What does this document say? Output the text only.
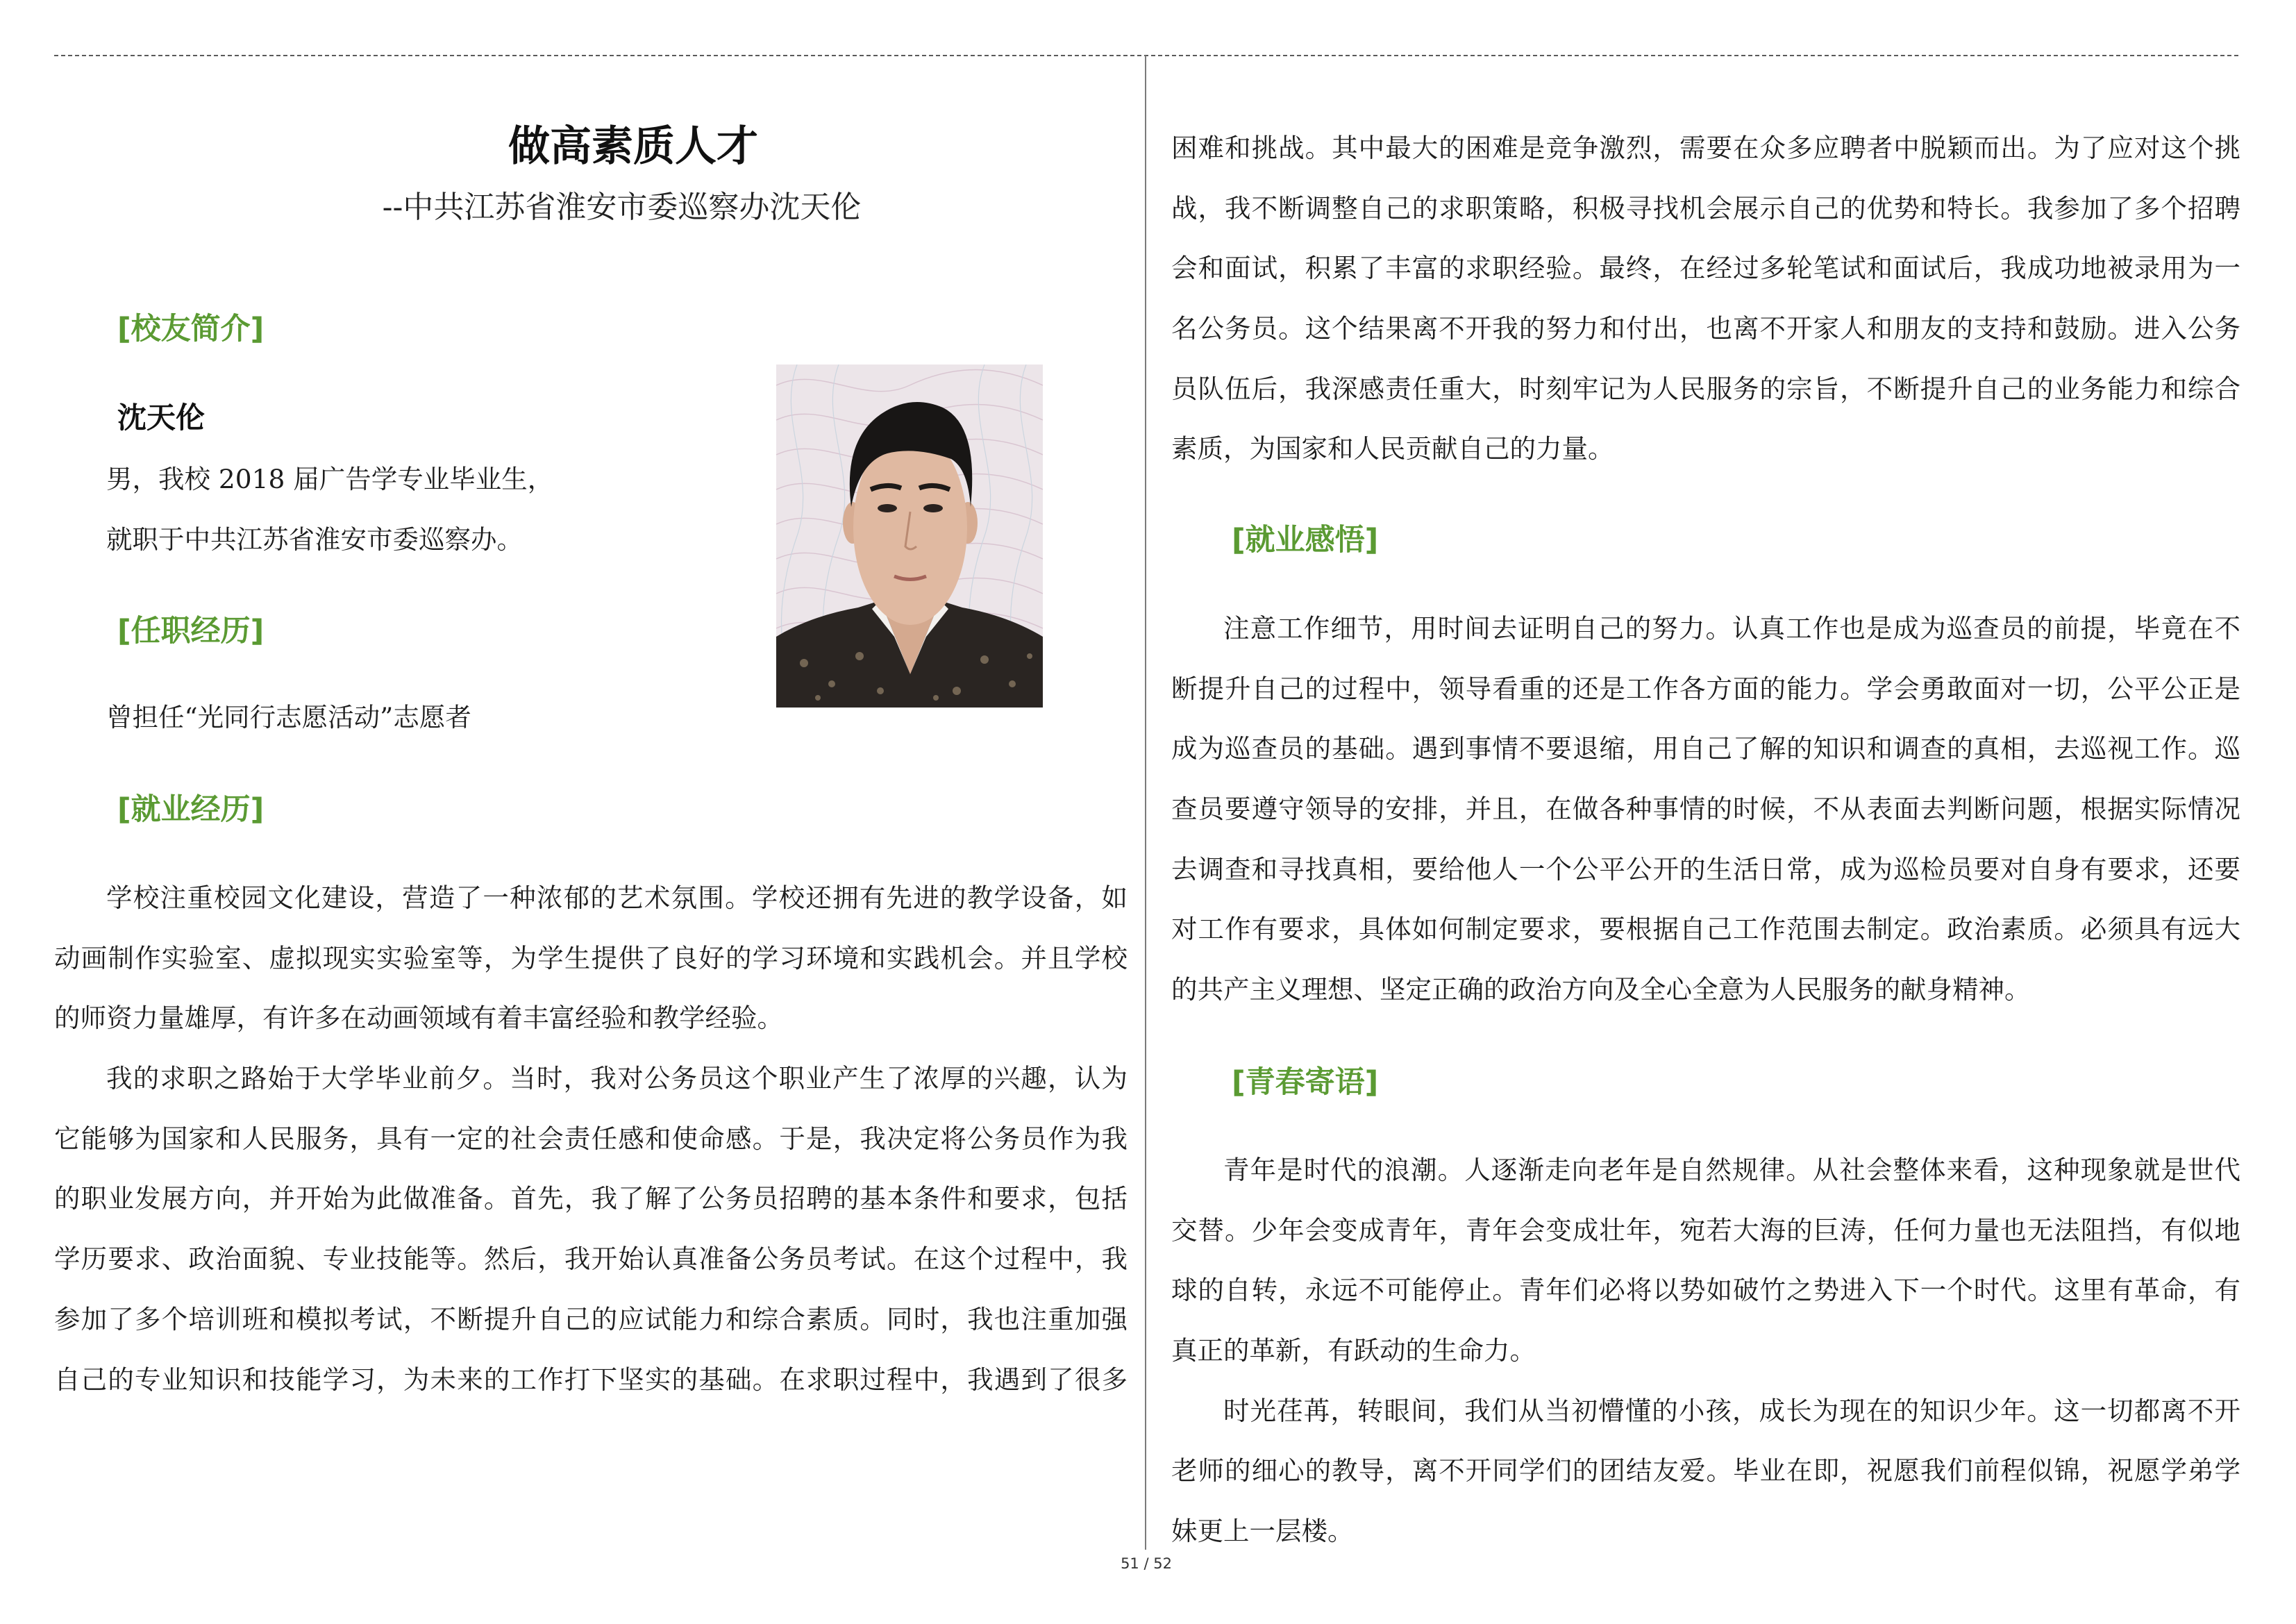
做高素质人才
--中共江苏省淮安市委巡察办沈天伦
[校友简介]
沈天伦
男，我校 2018 届广告学专业毕业生，
就职于中共江苏省淮安市委巡察办。
[任职经历]
曾担任“光同行志愿活动”志愿者
[就业经历]
学校注重校园文化建设，营造了一种浓郁的艺术氛围。学校还拥有先进的教学设备，如
动画制作实验室、虚拟现实实验室等，为学生提供了良好的学习环境和实践机会。并且学校
的师资力量雄厚，有许多在动画领域有着丰富经验和教学经验。
我的求职之路始于大学毕业前夕。当时，我对公务员这个职业产生了浓厚的兴趣，认为
它能够为国家和人民服务，具有一定的社会责任感和使命感。于是，我决定将公务员作为我
的职业发展方向，并开始为此做准备。首先，我了解了公务员招聘的基本条件和要求，包括
学历要求、政治面貌、专业技能等。然后，我开始认真准备公务员考试。在这个过程中，我
参加了多个培训班和模拟考试，不断提升自己的应试能力和综合素质。同时，我也注重加强
自己的专业知识和技能学习，为未来的工作打下坚实的基础。在求职过程中，我遇到了很多
困难和挑战。其中最大的困难是竞争激烈，需要在众多应聘者中脱颖而出。为了应对这个挑
战，我不断调整自己的求职策略，积极寻找机会展示自己的优势和特长。我参加了多个招聘
会和面试，积累了丰富的求职经验。最终，在经过多轮笔试和面试后，我成功地被录用为一
名公务员。这个结果离不开我的努力和付出，也离不开家人和朋友的支持和鼓励。进入公务
员队伍后，我深感责任重大，时刻牢记为人民服务的宗旨，不断提升自己的业务能力和综合
素质，为国家和人民贡献自己的力量。
[就业感悟]
注意工作细节，用时间去证明自己的努力。认真工作也是成为巡查员的前提，毕竟在不
断提升自己的过程中，领导看重的还是工作各方面的能力。学会勇敢面对一切，公平公正是
成为巡查员的基础。遇到事情不要退缩，用自己了解的知识和调查的真相，去巡视工作。巡
查员要遵守领导的安排，并且，在做各种事情的时候，不从表面去判断问题，根据实际情况
去调查和寻找真相，要给他人一个公平公开的生活日常，成为巡检员要对自身有要求，还要
对工作有要求，具体如何制定要求，要根据自己工作范围去制定。政治素质。必须具有远大
的共产主义理想、坚定正确的政治方向及全心全意为人民服务的献身精神。
[青春寄语]
青年是时代的浪潮。人逐渐走向老年是自然规律。从社会整体来看，这种现象就是世代
交替。少年会变成青年，青年会变成壮年，宛若大海的巨涛，任何力量也无法阻挡，有似地
球的自转，永远不可能停止。青年们必将以势如破竹之势进入下一个时代。这里有革命，有
真正的革新，有跃动的生命力。
时光荏苒，转眼间，我们从当初懵懂的小孩，成长为现在的知识少年。这一切都离不开
老师的细心的教导，离不开同学们的团结友爱。毕业在即，祝愿我们前程似锦，祝愿学弟学
妹更上一层楼。
51 / 52
